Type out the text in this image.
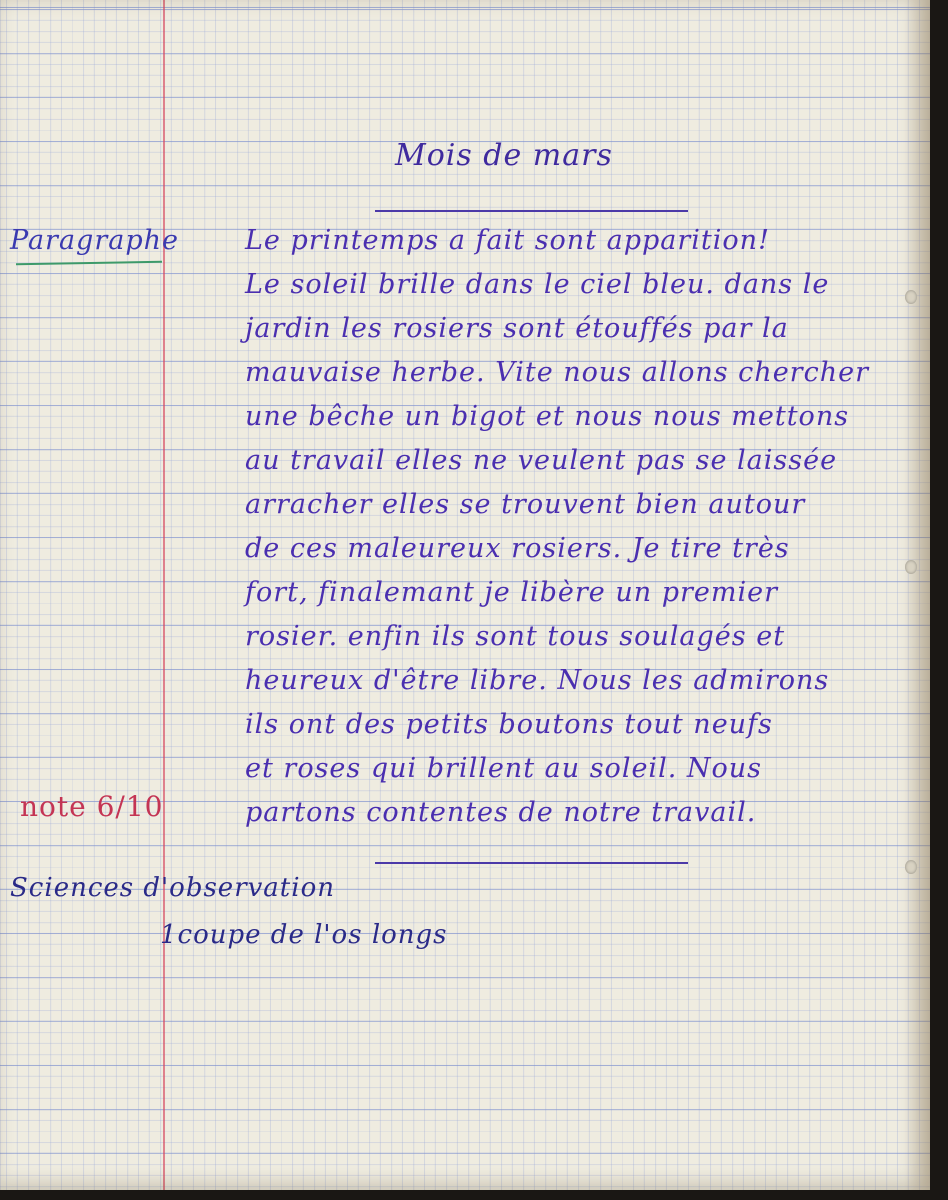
Mois de mars
Paragraphe Le printemps a fait sont apparition!
Le soleil brille dans le ciel bleu. dans le
jardin les rosiers sont étouffés par la
mauvaise herbe. Vite nous allons chercher
une bêche un bigot et nous nous mettons
au travail elles ne veulent pas se laissée
arracher elles se trouvent bien autour
de ces maleureux rosiers. Je tire très
fort, finalemant je libère un premier
rosier. enfin ils sont tous soulagés et
heureux d'être libre. Nous les admirons
ils ont des petits boutons tout neufs
et roses qui brillent au soleil. Nous
partons contentes de notre travail.
note 6/10
Sciences d'observation
1coupe de l'os longs
